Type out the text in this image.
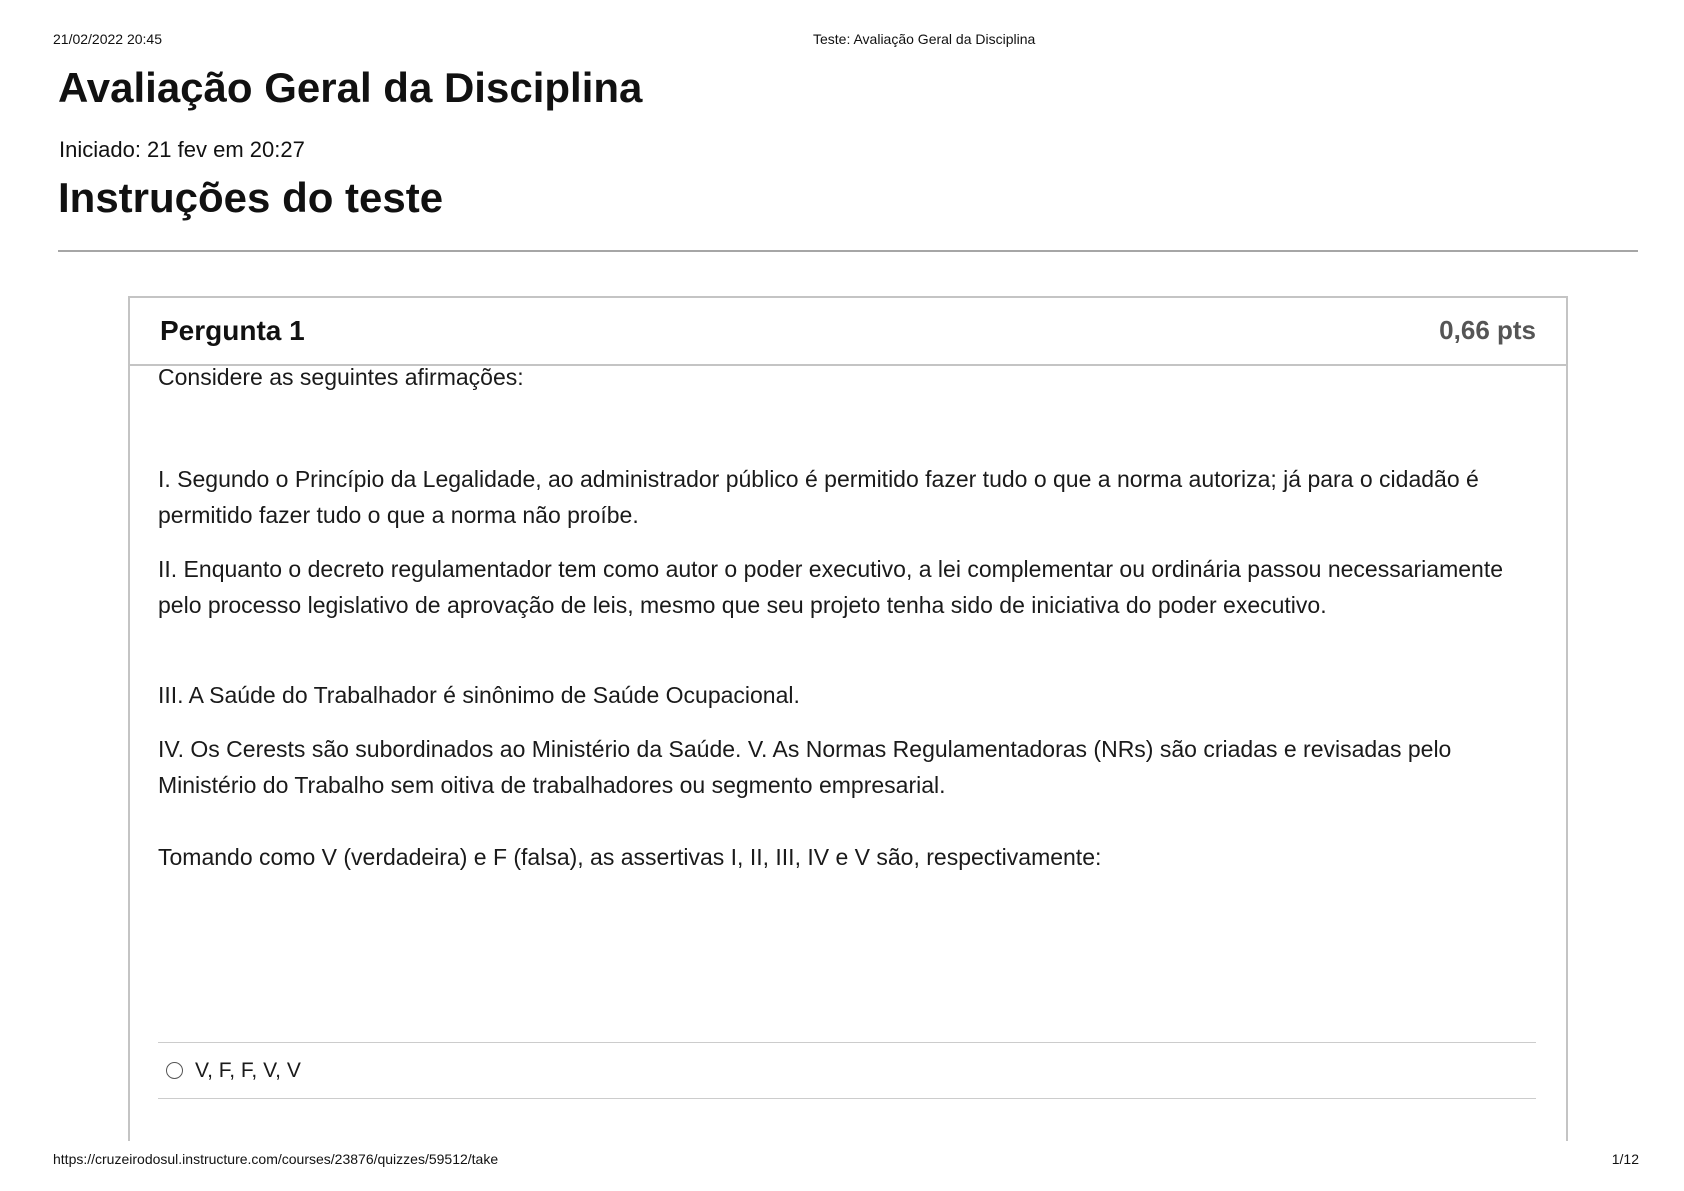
21/02/2022 20:45	Teste: Avaliação Geral da Disciplina
Avaliação Geral da Disciplina
Iniciado: 21 fev em 20:27
Instruções do teste
Pergunta 1	0,66 pts

Considere as seguintes afirmações:

I. Segundo o Princípio da Legalidade, ao administrador público é permitido fazer tudo o que a norma autoriza; já para o cidadão é permitido fazer tudo o que a norma não proíbe.

II. Enquanto o decreto regulamentador tem como autor o poder executivo, a lei complementar ou ordinária passou necessariamente pelo processo legislativo de aprovação de leis, mesmo que seu projeto tenha sido de iniciativa do poder executivo.

III. A Saúde do Trabalhador é sinônimo de Saúde Ocupacional.

IV. Os Cerests são subordinados ao Ministério da Saúde. V. As Normas Regulamentadoras (NRs) são criadas e revisadas pelo Ministério do Trabalho sem oitiva de trabalhadores ou segmento empresarial.

Tomando como V (verdadeira) e F (falsa), as assertivas I, II, III, IV e V são, respectivamente:

V, F, F, V, V
https://cruzeirodosul.instructure.com/courses/23876/quizzes/59512/take	1/12
